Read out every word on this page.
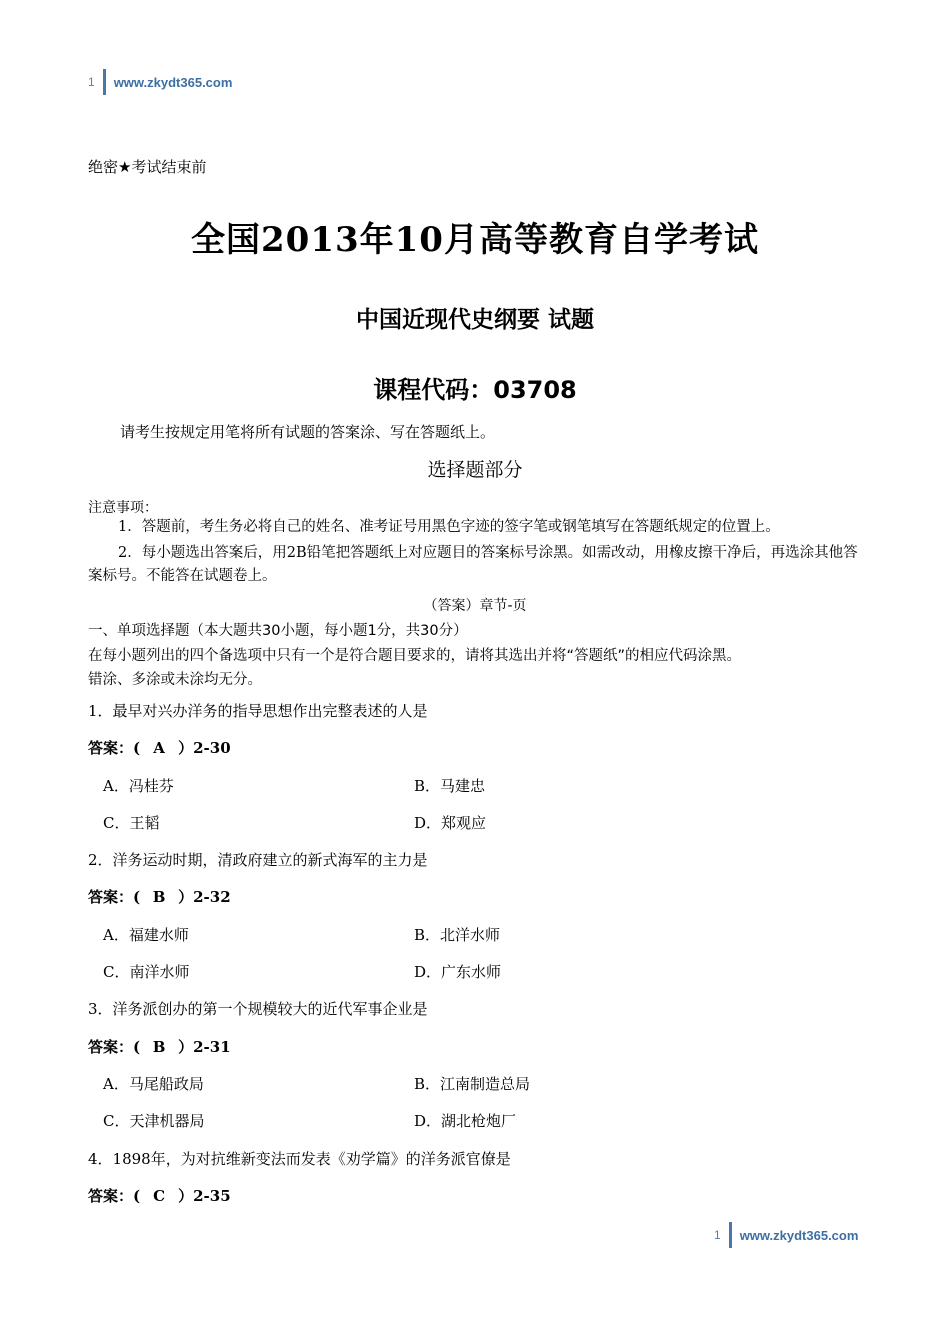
1 www.zkydt365.com
绝密★考试结束前
全国2013年10月高等教育自学考试
中国近现代史纲要 试题
课程代码：03708
请考生按规定用笔将所有试题的答案涂、写在答题纸上。
选择题部分
注意事项：
1．答题前，考生务必将自己的姓名、准考证号用黑色字迹的签字笔或钢笔填写在答题纸规定的位置上。
2．每小题选出答案后，用2B铅笔把答题纸上对应题目的答案标号涂黑。如需改动，用橡皮擦干净后，再选涂其他答案标号。不能答在试题卷上。
（答案）章节-页
一、单项选择题（本大题共30小题，每小题1分，共30分）
在每小题列出的四个备选项中只有一个是符合题目要求的，请将其选出并将“答题纸”的相应代码涂黑。
错涂、多涂或未涂均无分。
1．最早对兴办洋务的指导思想作出完整表述的人是
答案：( A ）2-30
A．冯桂芬	B．马建忠
C．王韬	D．郑观应
2．洋务运动时期，清政府建立的新式海军的主力是
答案：( B ）2-32
A．福建水师	B．北洋水师
C．南洋水师	D．广东水师
3．洋务派创办的第一个规模较大的近代军事企业是
答案：( B ）2-31
A．马尾船政局	B．江南制造总局
C．天津机器局	D．湖北枪炮厂
4．1898年，为对抗维新变法而发表《劝学篇》的洋务派官僚是
答案：( C ）2-35
1 www.zkydt365.com
